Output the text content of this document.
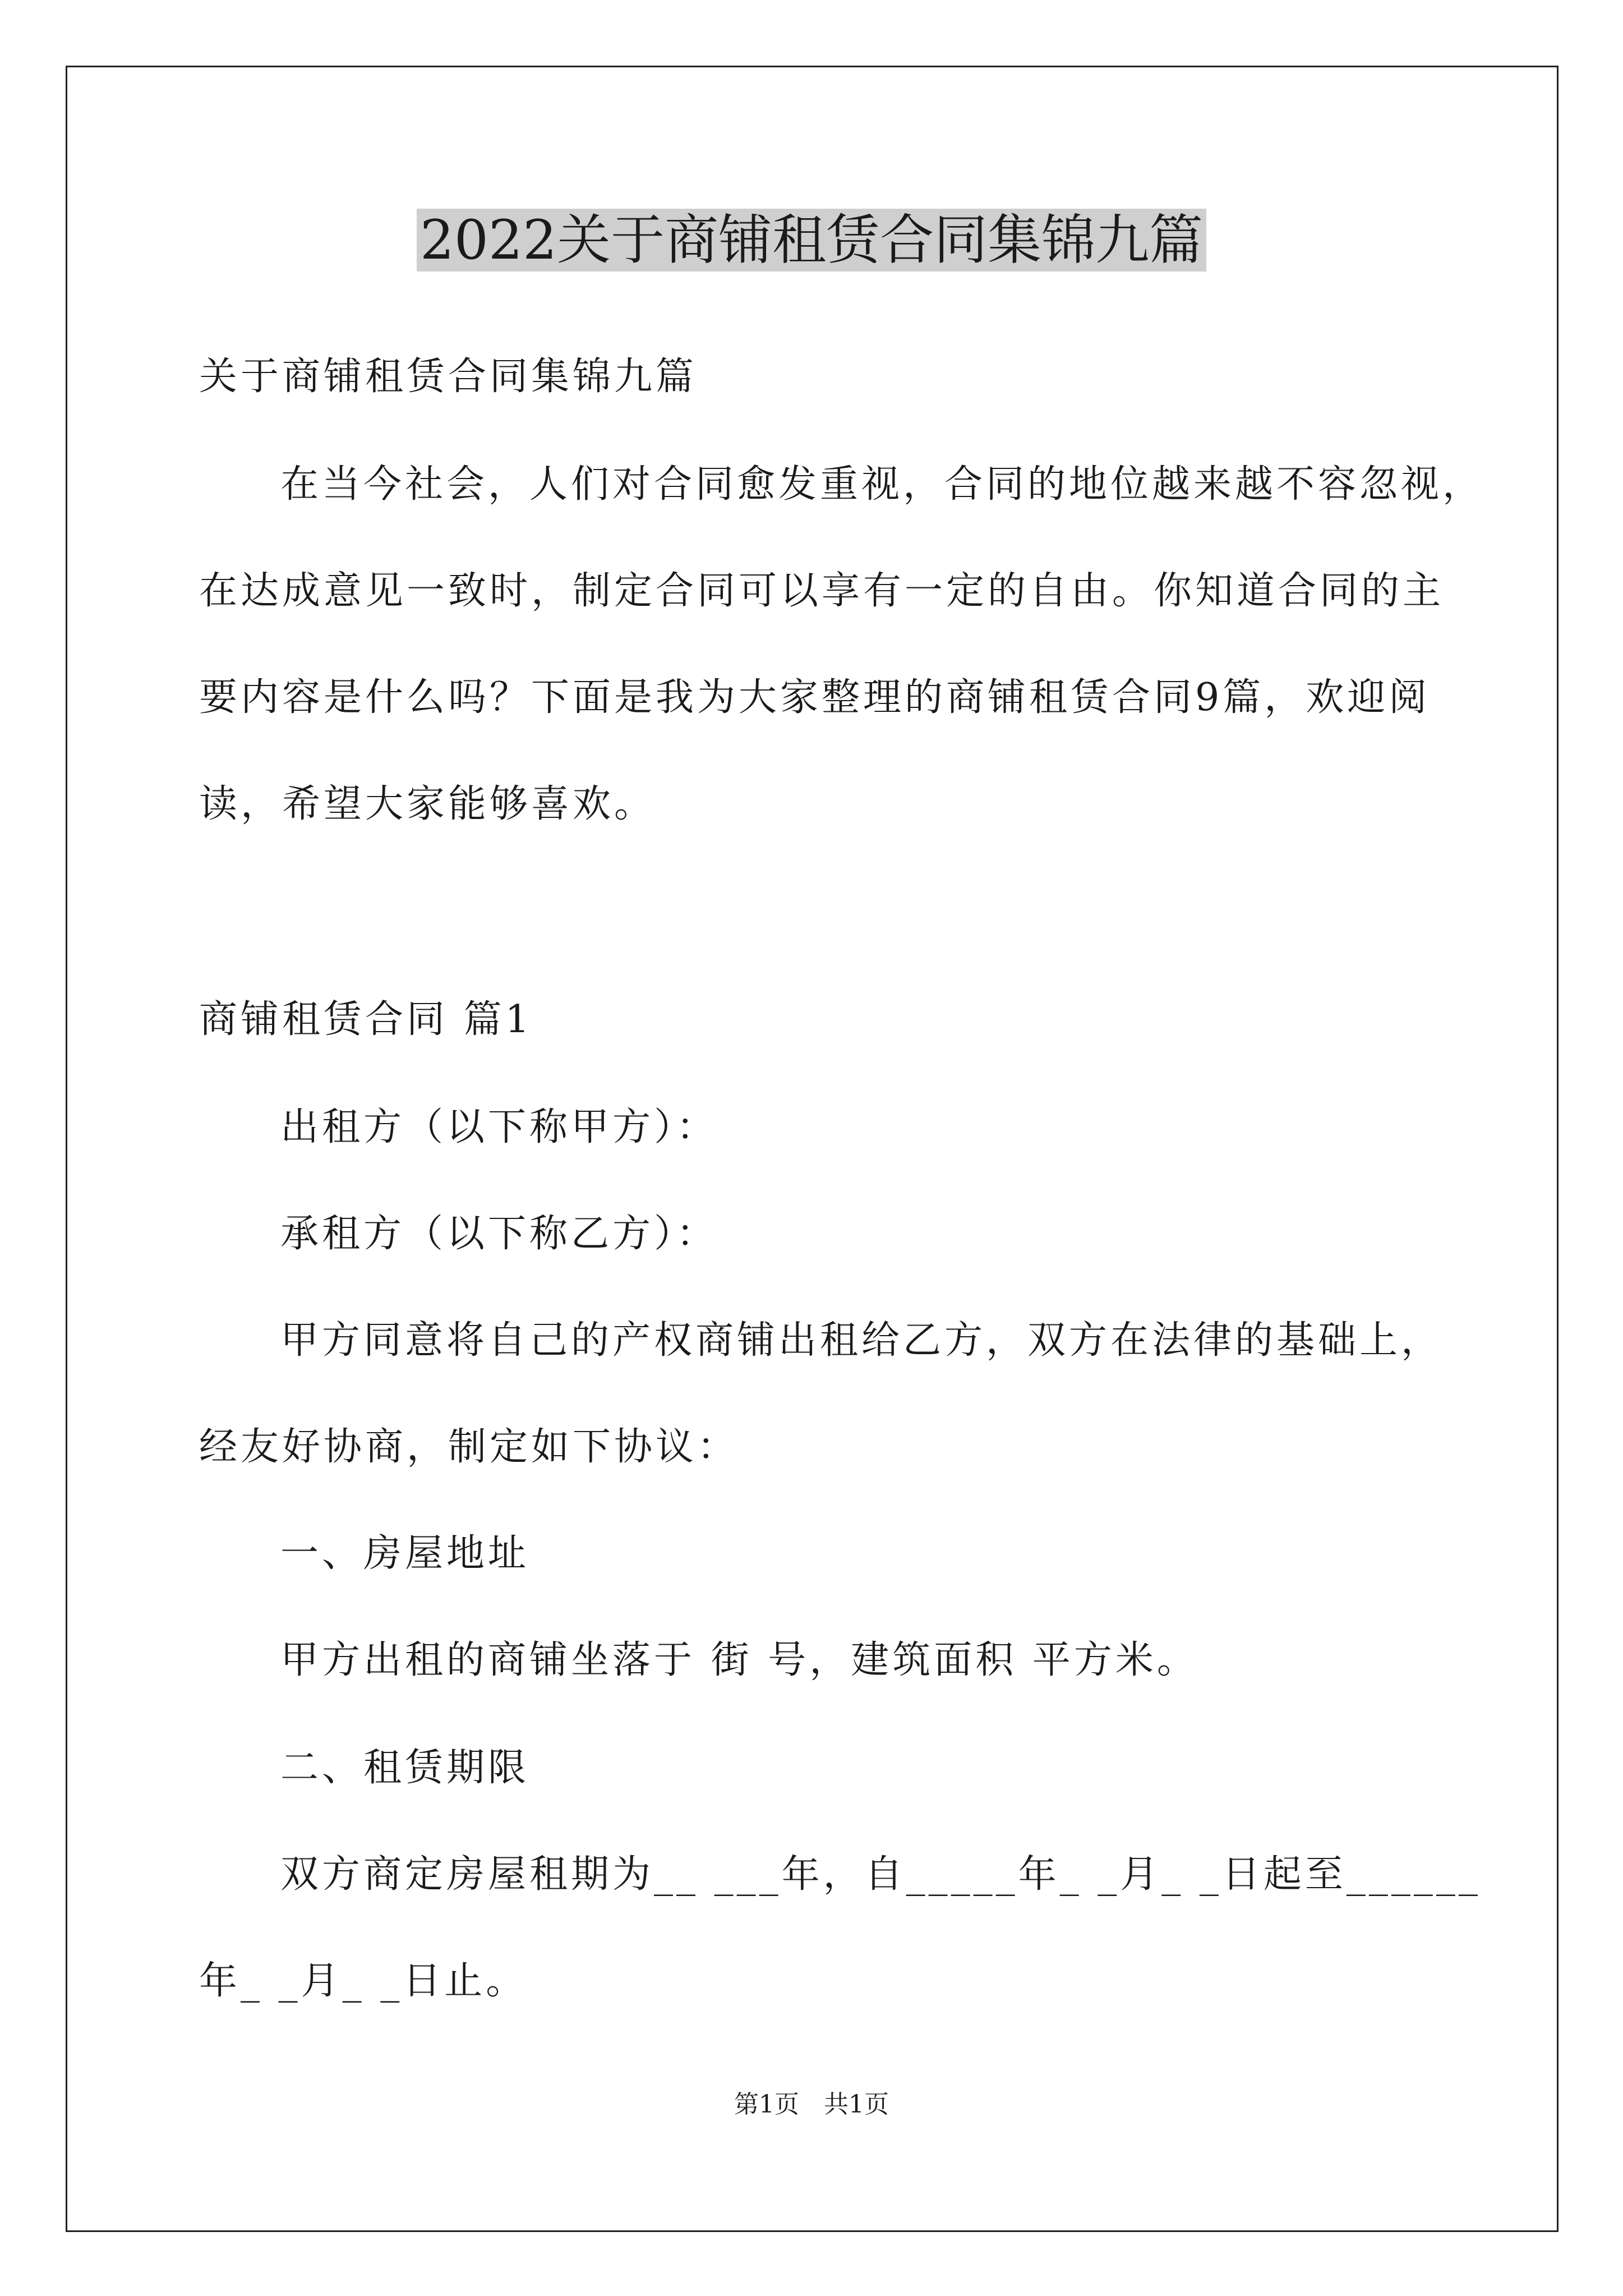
2022关于商铺租赁合同集锦九篇
关于商铺租赁合同集锦九篇
在当今社会，人们对合同愈发重视，合同的地位越来越不容忽视，
在达成意见一致时，制定合同可以享有一定的自由。你知道合同的主
要内容是什么吗？下面是我为大家整理的商铺租赁合同9篇，欢迎阅
读，希望大家能够喜欢。
商铺租赁合同 篇1
出租方（以下称甲方）：
承租方（以下称乙方）：
甲方同意将自己的产权商铺出租给乙方，双方在法律的基础上，
经友好协商，制定如下协议：
一、房屋地址
甲方出租的商铺坐落于 街 号，建筑面积 平方米。
二、租赁期限
双方商定房屋租期为__ ___年，自_____年_ _月_ _日起至______
年_ _月_ _日止。
第1页　共1页
